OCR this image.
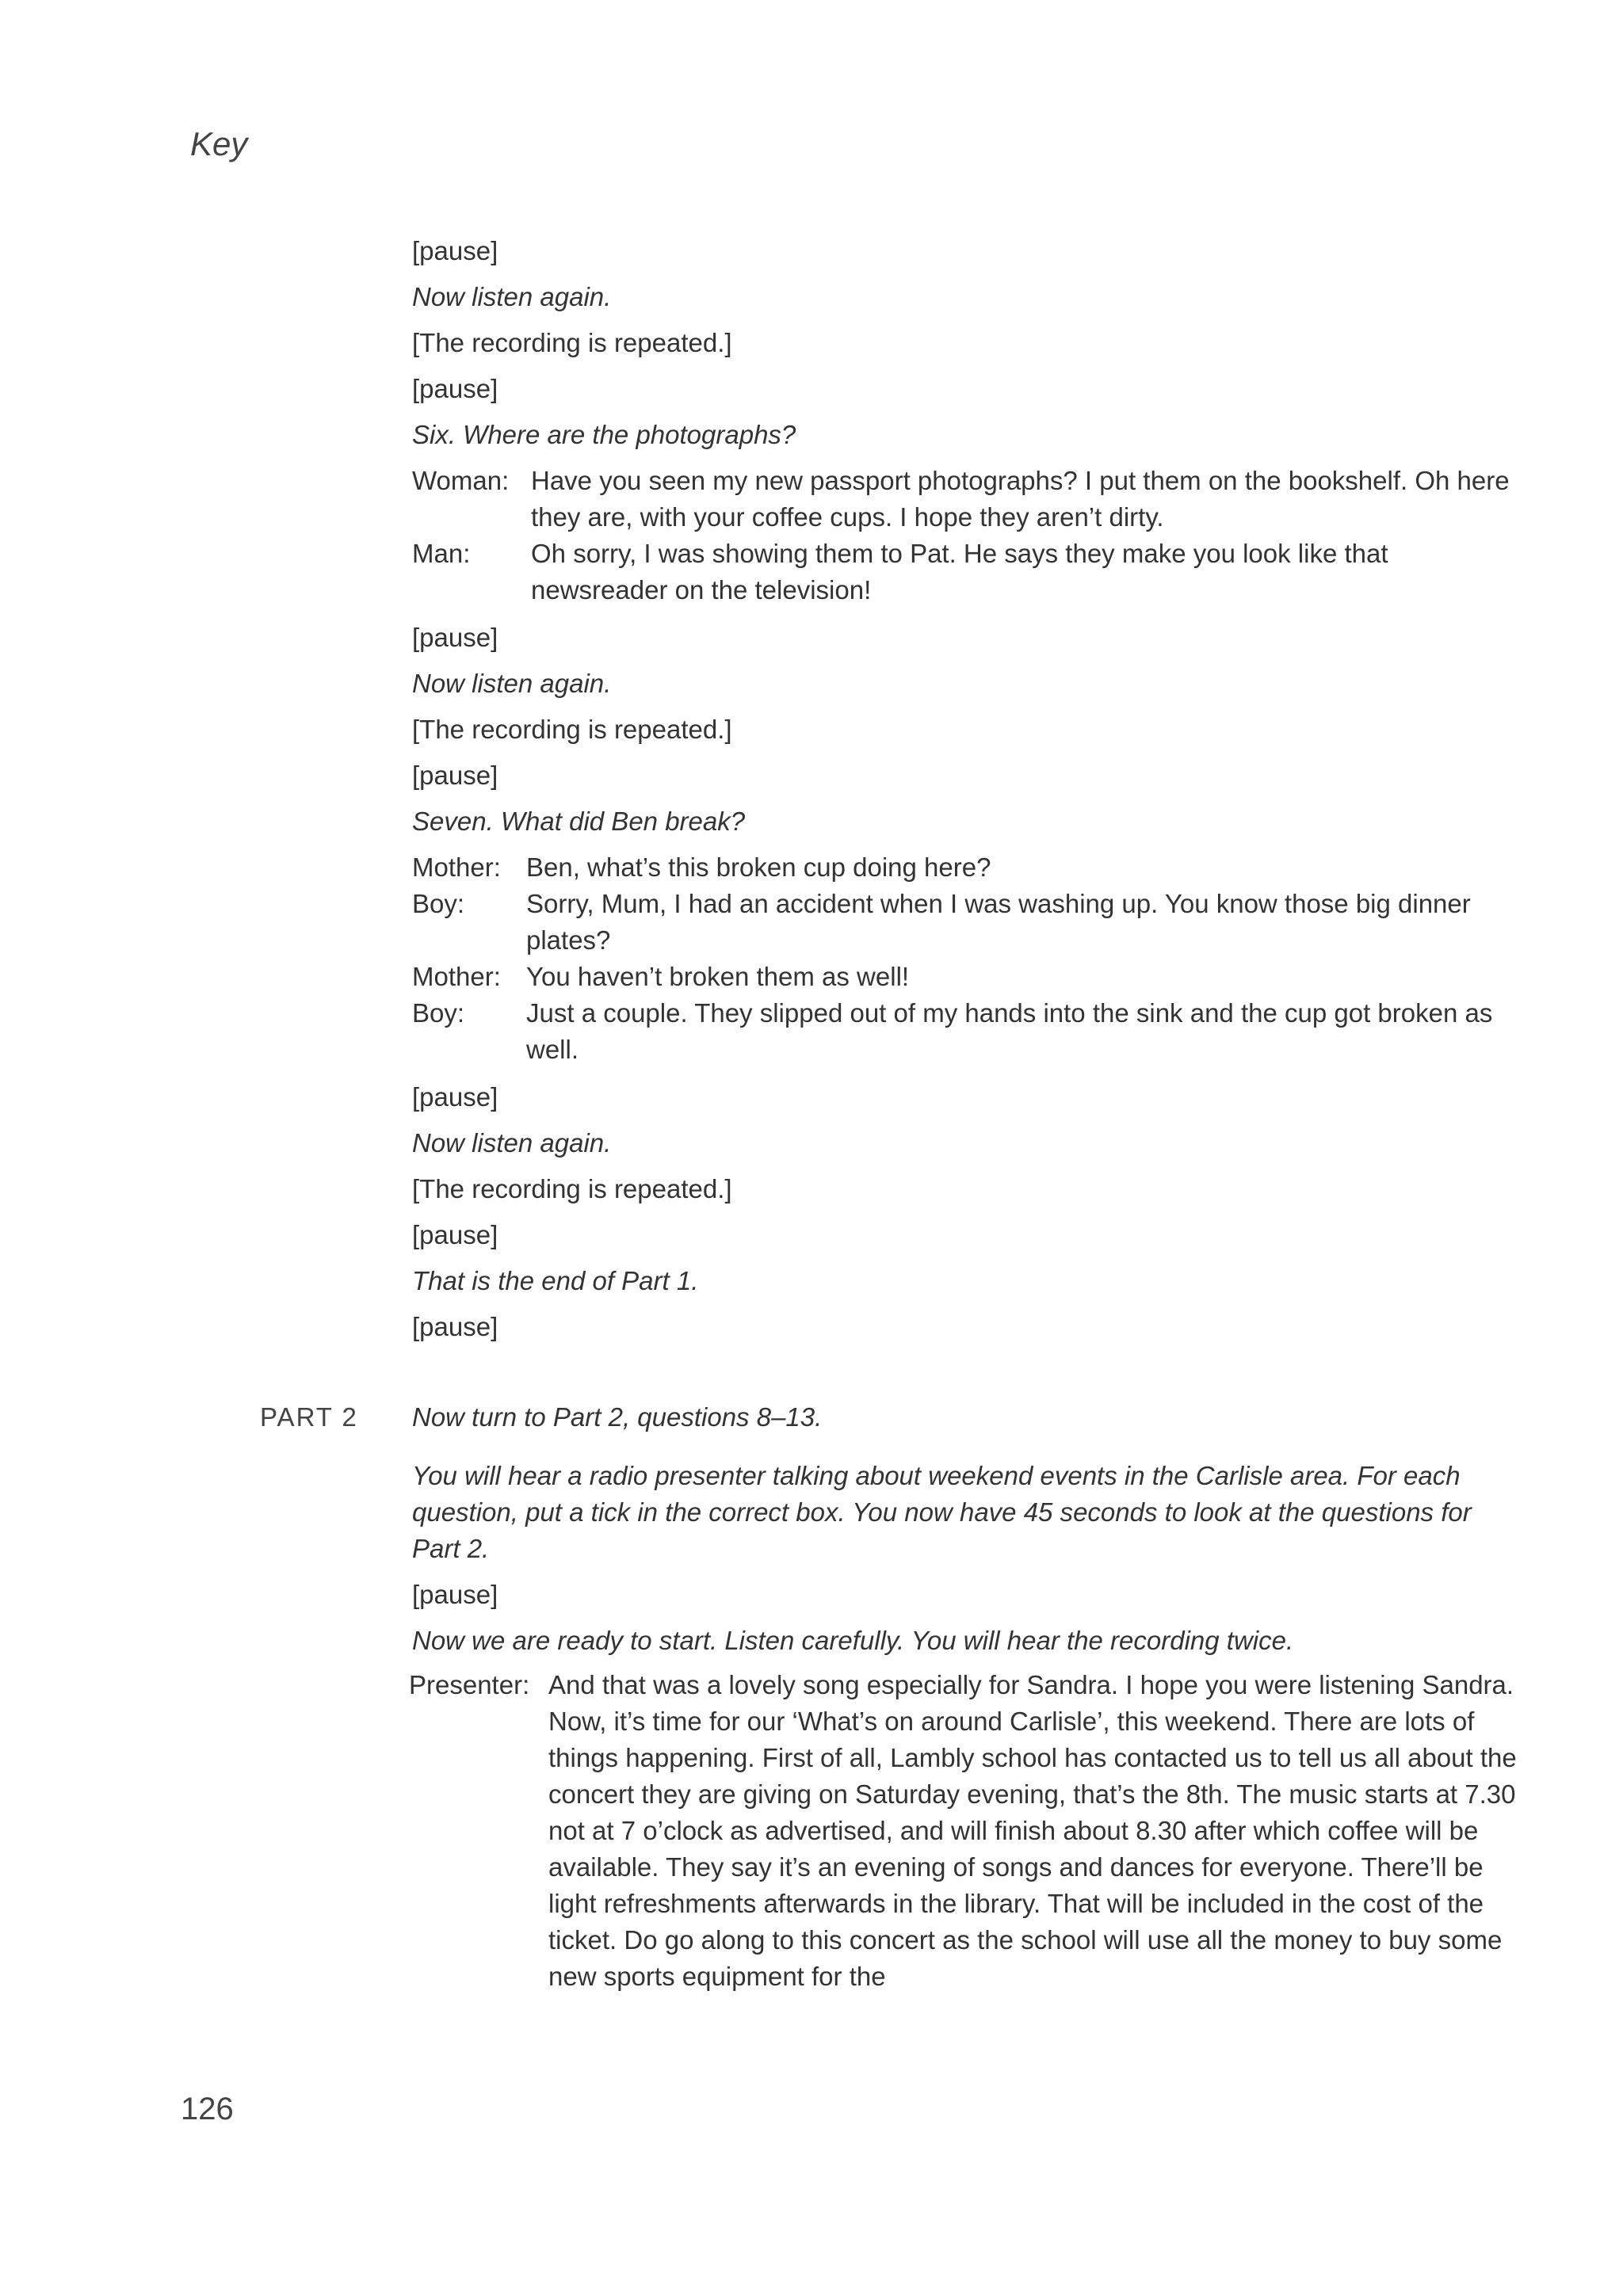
Key
[pause]
Now listen again.
[The recording is repeated.]
[pause]
Six. Where are the photographs?
Woman: Have you seen my new passport photographs? I put them on the bookshelf. Oh here they are, with your coffee cups. I hope they aren’t dirty.
Man: Oh sorry, I was showing them to Pat. He says they make you look like that newsreader on the television!
[pause]
Now listen again.
[The recording is repeated.]
[pause]
Seven. What did Ben break?
Mother: Ben, what’s this broken cup doing here?
Boy: Sorry, Mum, I had an accident when I was washing up. You know those big dinner plates?
Mother: You haven’t broken them as well!
Boy: Just a couple. They slipped out of my hands into the sink and the cup got broken as well.
[pause]
Now listen again.
[The recording is repeated.]
[pause]
That is the end of Part 1.
[pause]
PART 2 Now turn to Part 2, questions 8–13.
You will hear a radio presenter talking about weekend events in the Carlisle area. For each question, put a tick in the correct box. You now have 45 seconds to look at the questions for Part 2.
[pause]
Now we are ready to start. Listen carefully. You will hear the recording twice.
Presenter: And that was a lovely song especially for Sandra. I hope you were listening Sandra. Now, it’s time for our ‘What’s on around Carlisle’, this weekend. There are lots of things happening. First of all, Lambly school has contacted us to tell us all about the concert they are giving on Saturday evening, that’s the 8th. The music starts at 7.30 not at 7 o’clock as advertised, and will finish about 8.30 after which coffee will be available. They say it’s an evening of songs and dances for everyone. There’ll be light refreshments afterwards in the library. That will be included in the cost of the ticket. Do go along to this concert as the school will use all the money to buy some new sports equipment for the
126
